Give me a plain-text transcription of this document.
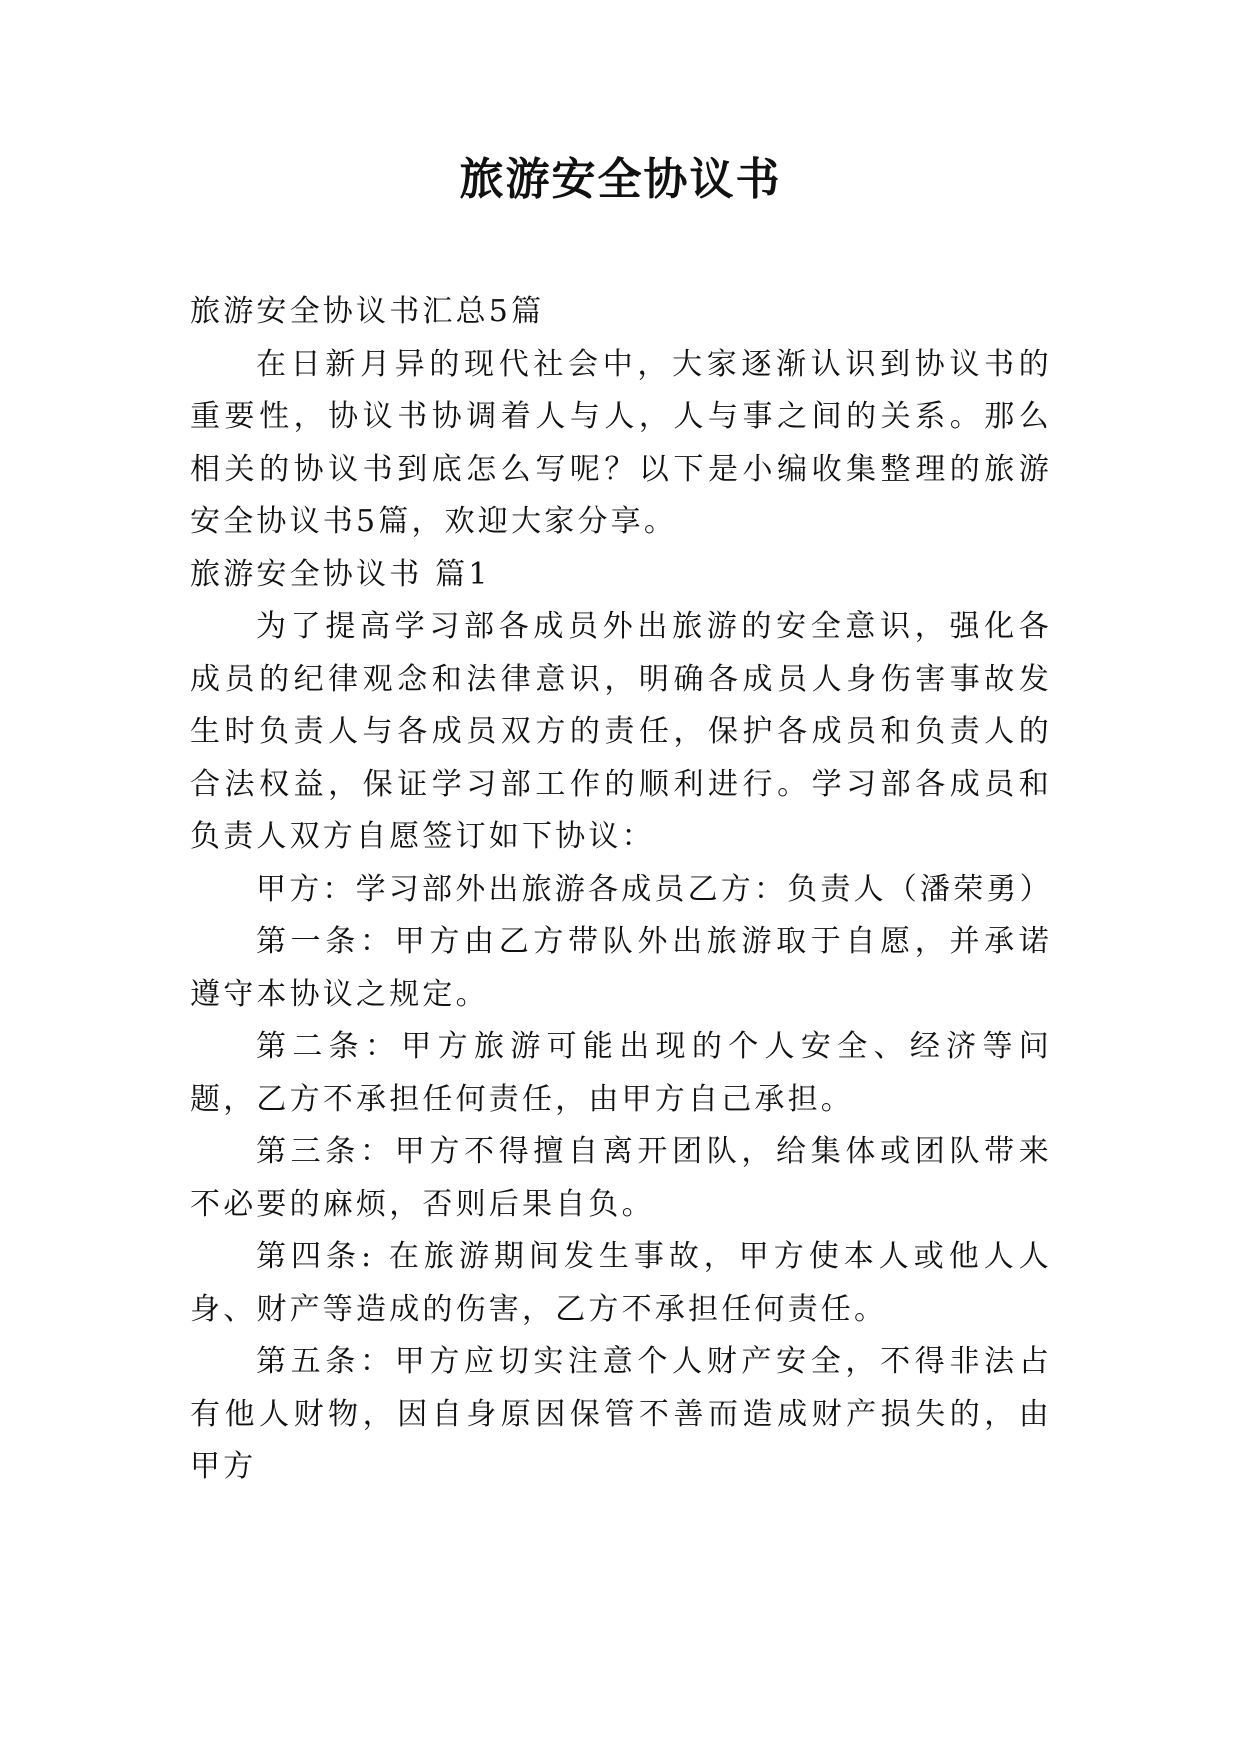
旅游安全协议书

旅游安全协议书汇总5篇

在日新月异的现代社会中，大家逐渐认识到协议书的重要性，协议书协调着人与人，人与事之间的关系。那么相关的协议书到底怎么写呢？以下是小编收集整理的旅游安全协议书5篇，欢迎大家分享。

旅游安全协议书 篇1

为了提高学习部各成员外出旅游的安全意识，强化各成员的纪律观念和法律意识，明确各成员人身伤害事故发生时负责人与各成员双方的责任，保护各成员和负责人的合法权益，保证学习部工作的顺利进行。学习部各成员和负责人双方自愿签订如下协议：

甲方：学习部外出旅游各成员乙方：负责人（潘荣勇）

第一条：甲方由乙方带队外出旅游取于自愿，并承诺遵守本协议之规定。

第二条：甲方旅游可能出现的个人安全、经济等问题，乙方不承担任何责任，由甲方自己承担。

第三条：甲方不得擅自离开团队，给集体或团队带来不必要的麻烦，否则后果自负。

第四条: 在旅游期间发生事故，甲方使本人或他人人身、财产等造成的伤害，乙方不承担任何责任。

第五条：甲方应切实注意个人财产安全，不得非法占有他人财物，因自身原因保管不善而造成财产损失的，由甲方
